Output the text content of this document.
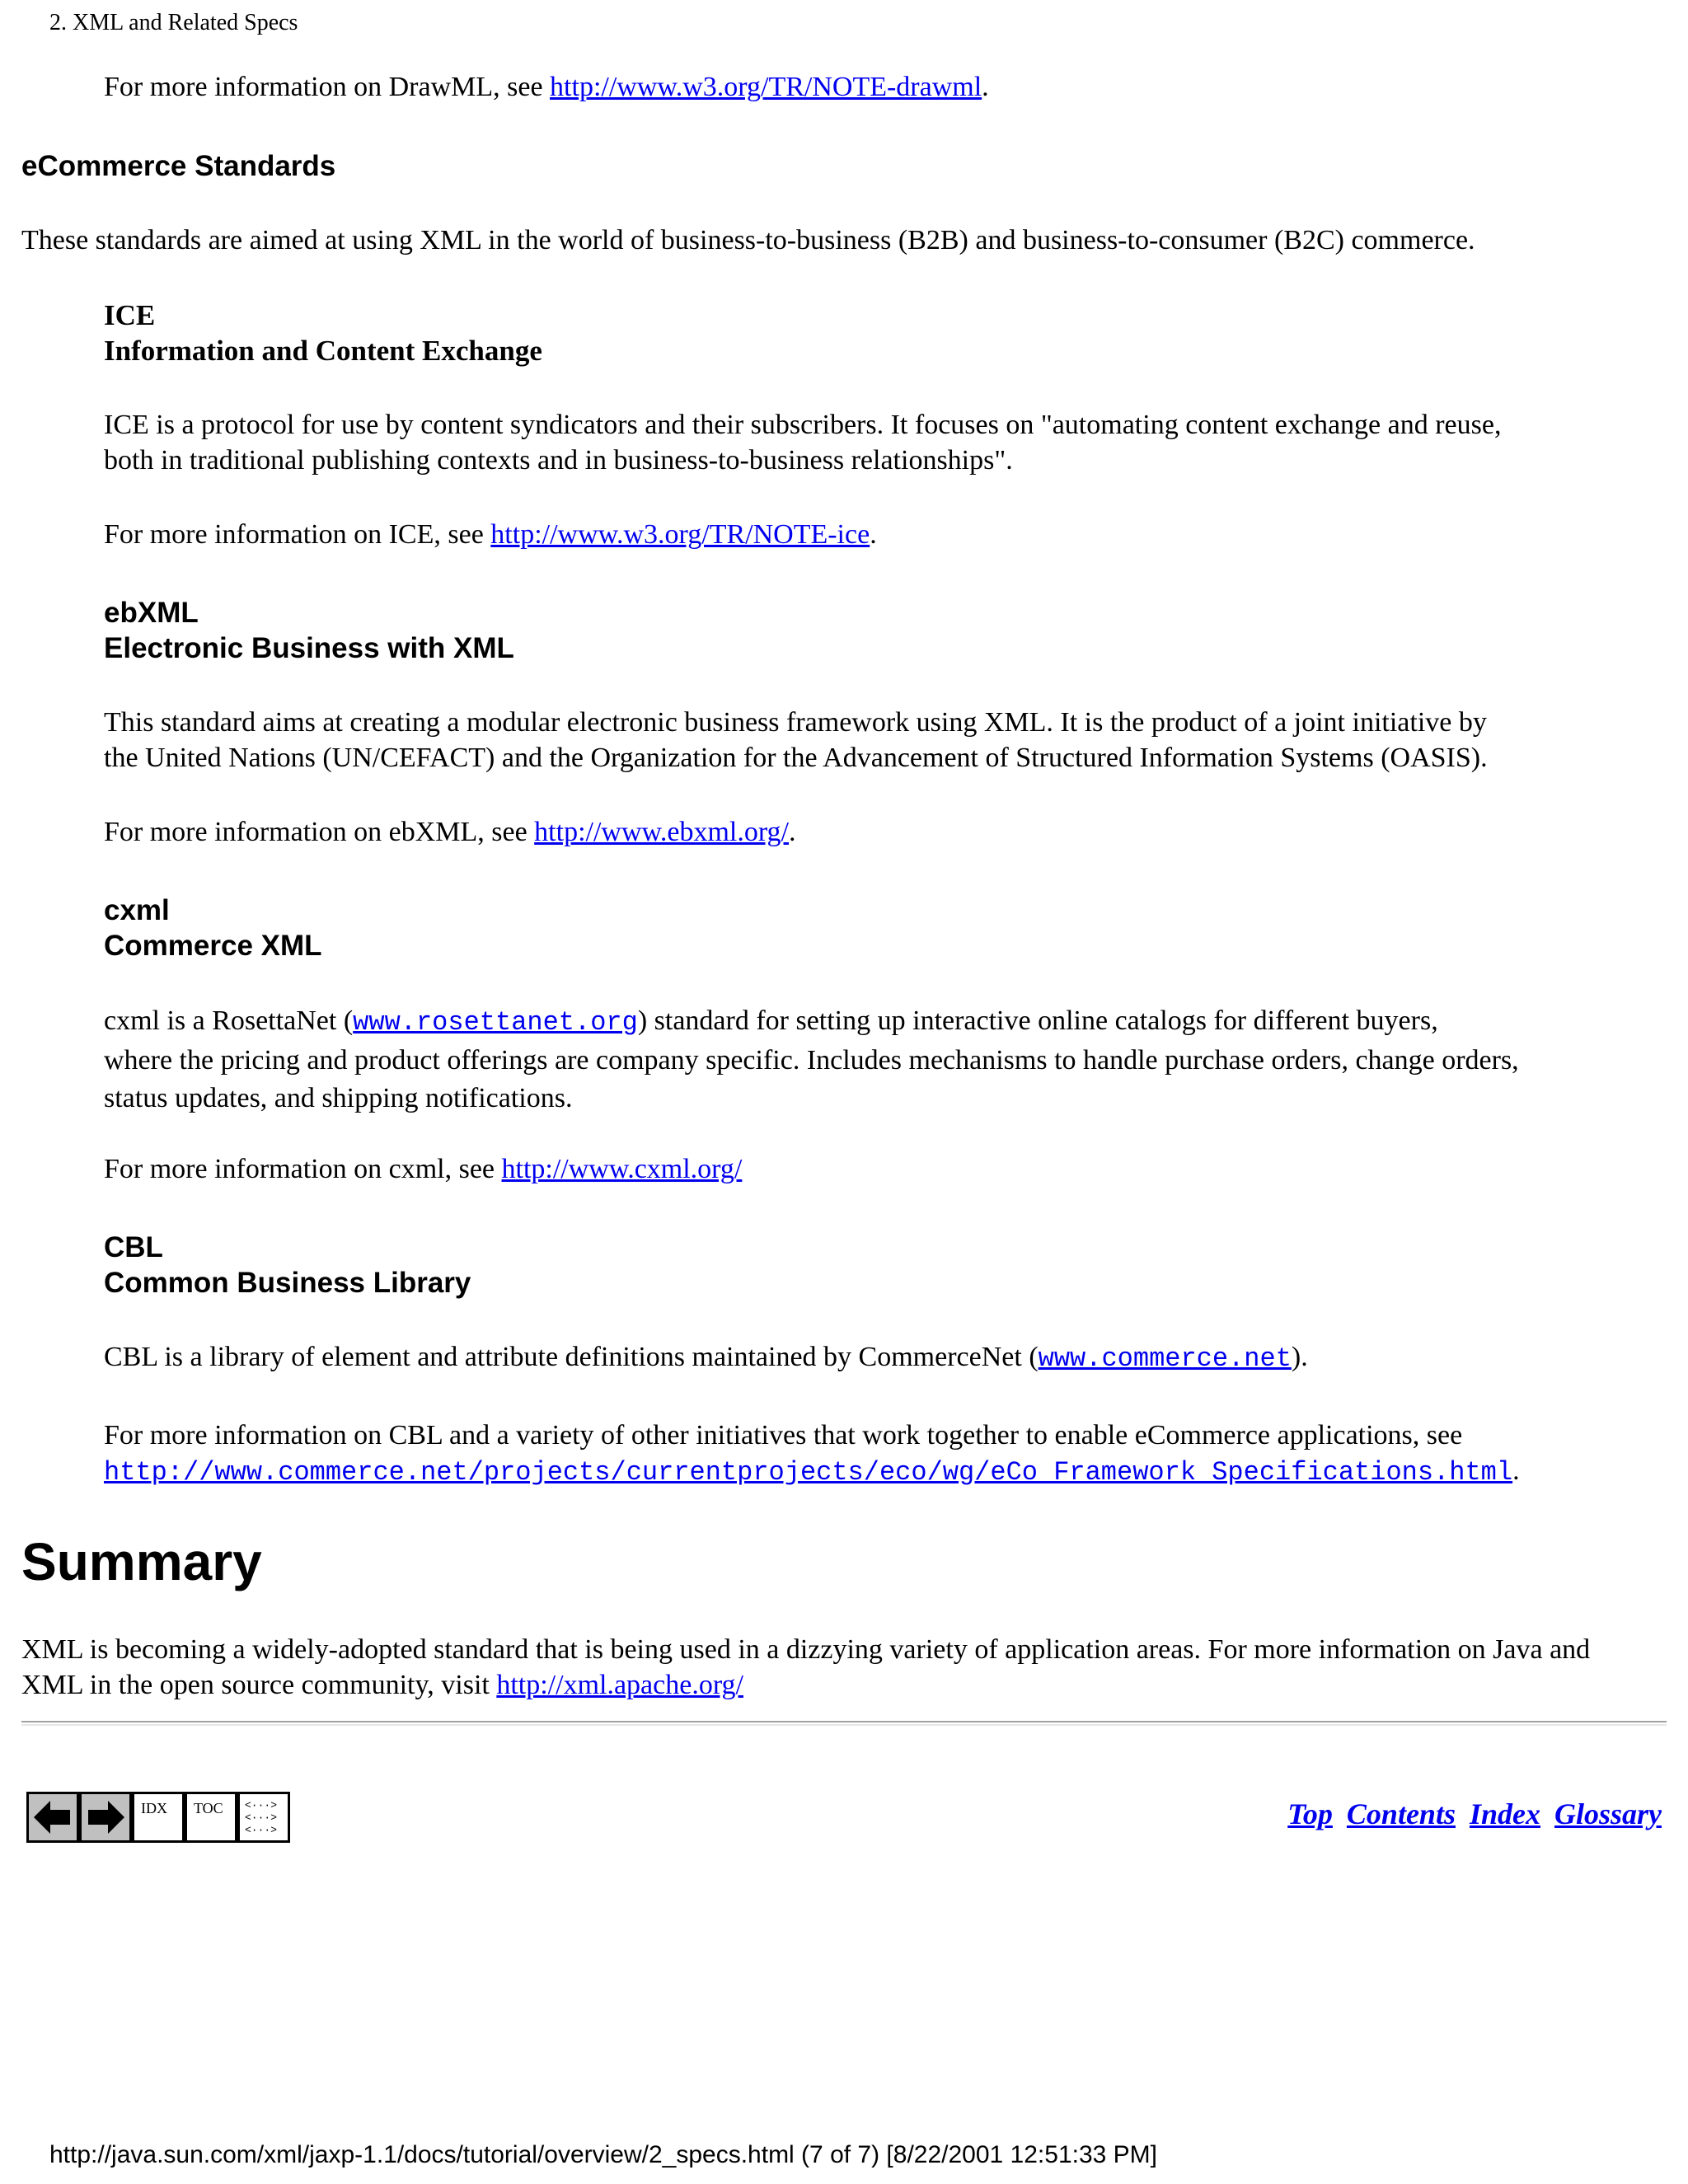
2. XML and Related Specs

For more information on DrawML, see http://www.w3.org/TR/NOTE-drawml.

eCommerce Standards

These standards are aimed at using XML in the world of business-to-business (B2B) and business-to-consumer (B2C) commerce.

ICE
Information and Content Exchange

ICE is a protocol for use by content syndicators and their subscribers. It focuses on "automating content exchange and reuse,
both in traditional publishing contexts and in business-to-business relationships".

For more information on ICE, see http://www.w3.org/TR/NOTE-ice.

ebXML
Electronic Business with XML

This standard aims at creating a modular electronic business framework using XML. It is the product of a joint initiative by
the United Nations (UN/CEFACT) and the Organization for the Advancement of Structured Information Systems (OASIS).

For more information on ebXML, see http://www.ebxml.org/.

cxml
Commerce XML

cxml is a RosettaNet (www.rosettanet.org) standard for setting up interactive online catalogs for different buyers,
where the pricing and product offerings are company specific. Includes mechanisms to handle purchase orders, change orders,
status updates, and shipping notifications.

For more information on cxml, see http://www.cxml.org/

CBL
Common Business Library

CBL is a library of element and attribute definitions maintained by CommerceNet (www.commerce.net).

For more information on CBL and a variety of other initiatives that work together to enable eCommerce applications, see
http://www.commerce.net/projects/currentprojects/eco/wg/eCo_Framework_Specifications.html.

Summary

XML is becoming a widely-adopted standard that is being used in a dizzying variety of application areas. For more information on Java and
XML in the open source community, visit http://xml.apache.org/

IDX TOC <···>
<···>
<···>	Top Contents Index Glossary
http://java.sun.com/xml/jaxp-1.1/docs/tutorial/overview/2_specs.html (7 of 7) [8/22/2001 12:51:33 PM]
